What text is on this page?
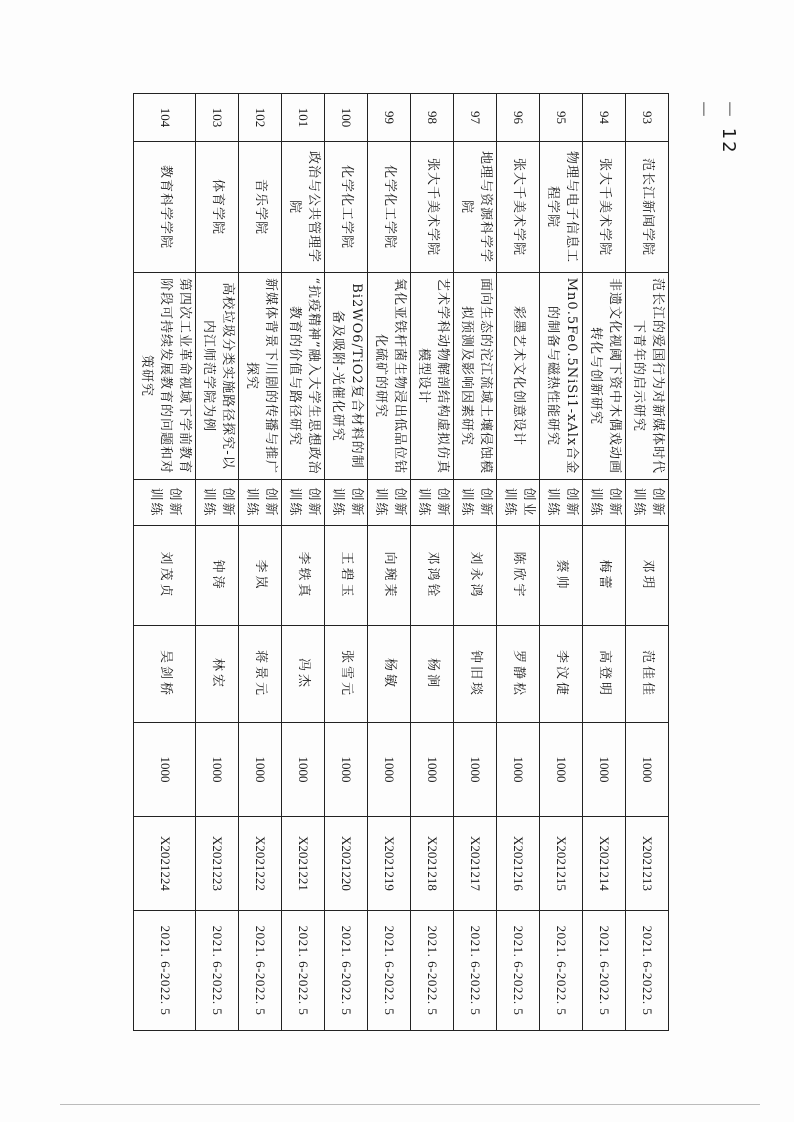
93	范长江新闻学院	范长江的爱国行为对新媒体时代下青年的启示研究	创新训练	邓玥	范佳佳	1000	X2021213	2021. 6-2022. 5
94	张大千美术学院	非遗文化视阈下资中木偶戏动画转化与创新研究	创新训练	梅蕾	高登明	1000	X2021214	2021. 6-2022. 5
95	物理与电子信息工程学院	Mn0.5Fe0.5NiSi1-xAlx合金的制备与磁热性能研究	创新训练	蔡帅	李汶倢	1000	X2021215	2021. 6-2022. 5
96	张大千美术学院	彩墨艺术文化创意设计	创业训练	陈欣宇	罗静松	1000	X2021216	2021. 6-2022. 5
97	地理与资源科学学院	面向生态的沱江流域土壤侵蚀模拟预测及影响因素研究	创新训练	刘永鸿	钟旧琰	1000	X2021217	2021. 6-2022. 5
98	张大千美术学院	艺术学科动物解剖结构虚拟仿真模型设计	创新训练	邓鸿铨	杨涧	1000	X2021218	2021. 6-2022. 5
99	化学化工学院	氧化亚铁杆菌生物浸出低品位钴化硫矿的研究	创新训练	向琬茉	杨敏	1000	X2021219	2021. 6-2022. 5
100	化学化工学院	Bi2WO6/TiO2复合材料的制备及吸附-光催化研究	创新训练	王碧玉	张雪元	1000	X2021220	2021. 6-2022. 5
101	政治与公共管理学院	“抗疫精神”融入大学生思想政治教育的价值与路径研究	创新训练	李轶真	冯杰	1000	X2021221	2021. 6-2022. 5
102	音乐学院	新媒体背景下川剧的传播与推广探究	创新训练	李岚	蒋景元	1000	X2021222	2021. 6-2022. 5
103	体育学院	高校垃圾分类实施路径探究-以内江师范学院为例	创新训练	钟涛	林宏	1000	X2021223	2021. 6-2022. 5
104	教育科学学院	第四次工业革命视域下学前教育阶段可持续发展教育的问题和对策研究	创新训练	刘茂贞	吴剑桥	1000	X2021224	2021. 6-2022. 5
－ 12 －
